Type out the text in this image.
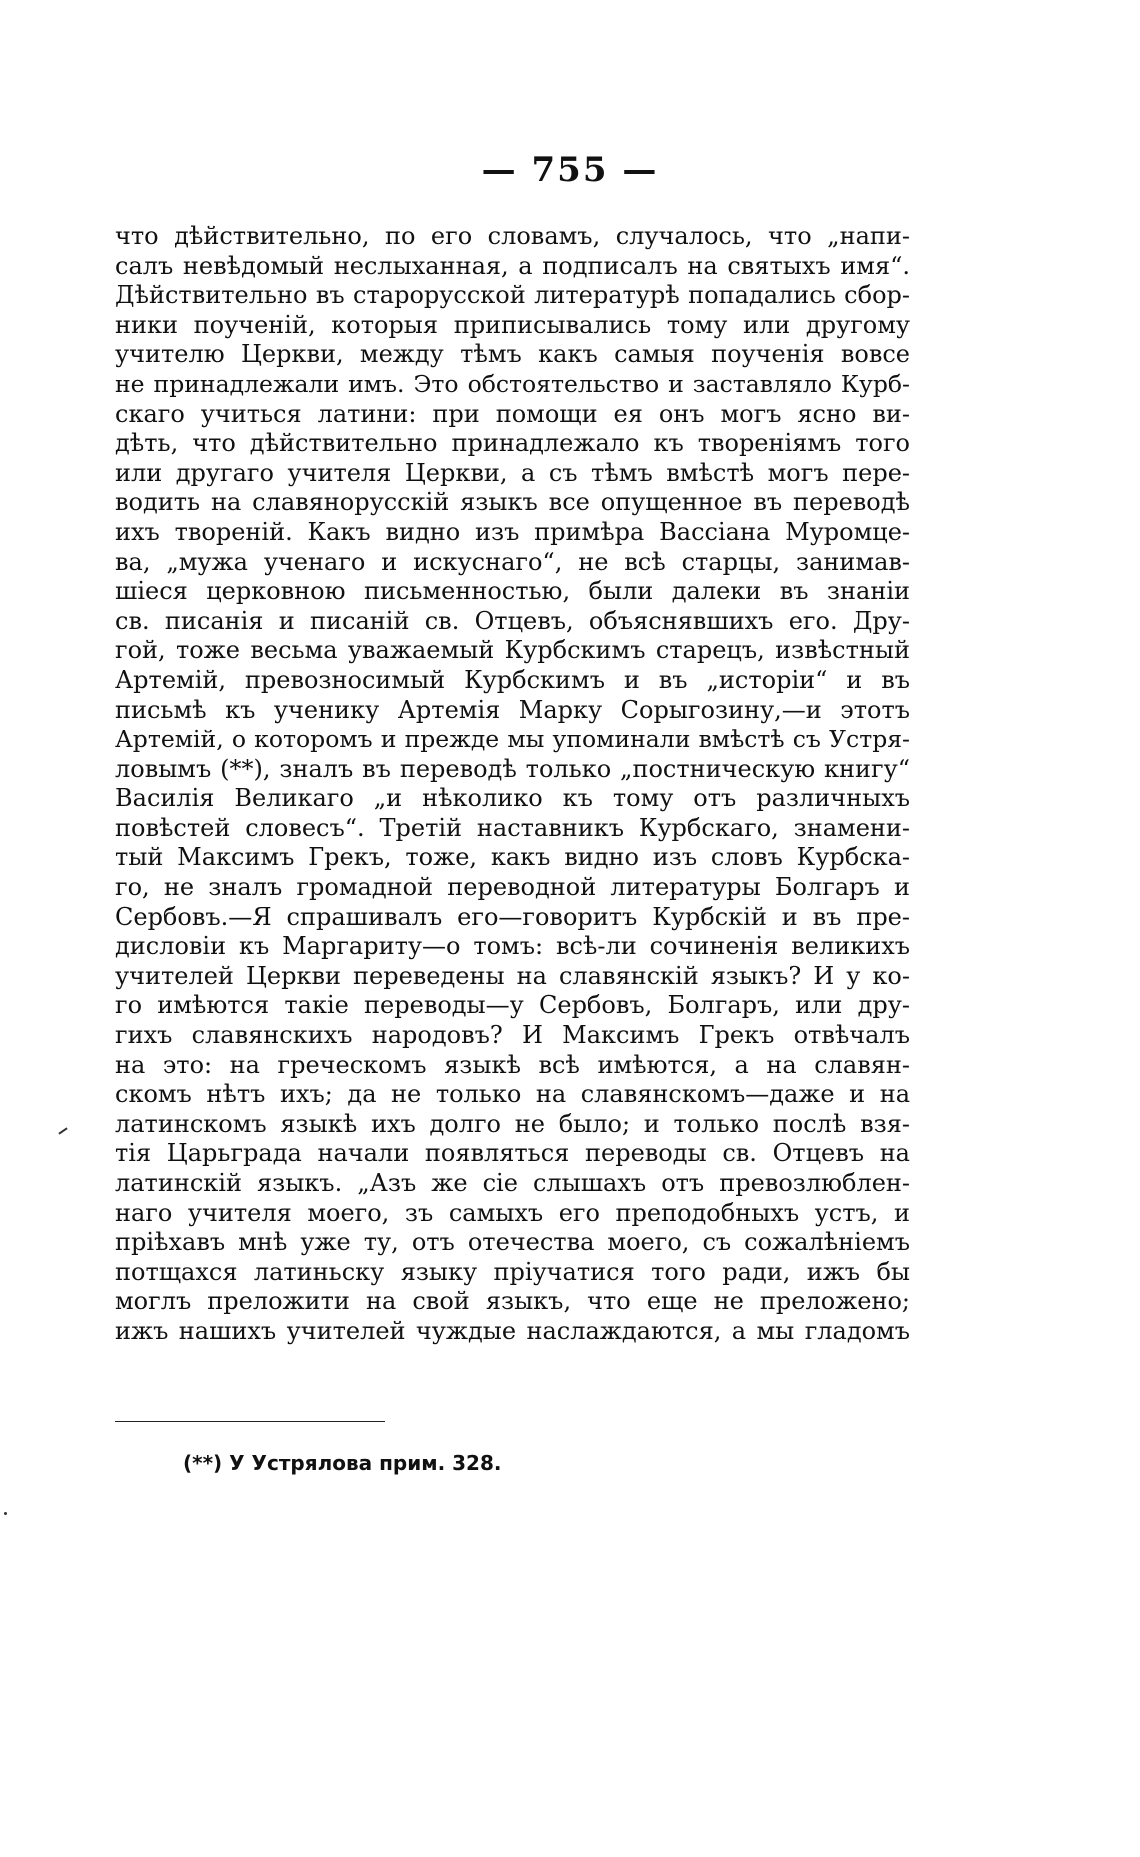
— 755 —
что дѣйствительно, по его словамъ, случалось, что „напи-
салъ невѣдомый неслыханная, а подписалъ на святыхъ имя“.
Дѣйствительно въ старорусской литературѣ попадались сбор-
ники поученій, которыя приписывались тому или другому
учителю Церкви, между тѣмъ какъ самыя поученія вовсе
не принадлежали имъ. Это обстоятельство и заставляло Курб-
скаго учиться латини: при помощи ея онъ могъ ясно ви-
дѣть, что дѣйствительно принадлежало къ твореніямъ того
или другаго учителя Церкви, а съ тѣмъ вмѣстѣ могъ пере-
водить на славянорусскій языкъ все опущенное въ переводѣ
ихъ твореній. Какъ видно изъ примѣра Вассіана Муромце-
ва, „мужа ученаго и искуснаго“, не всѣ старцы, занимав-
шіеся церковною письменностью, были далеки въ знаніи
св. писанія и писаній св. Отцевъ, объяснявшихъ его. Дру-
гой, тоже весьма уважаемый Курбскимъ старецъ, извѣстный
Артемій, превозносимый Курбскимъ и въ „исторіи“ и въ
письмѣ къ ученику Артемія Марку Сорыгозину,—и этотъ
Артемій, о которомъ и прежде мы упоминали вмѣстѣ съ Устря-
ловымъ (**), зналъ въ переводѣ только „постническую книгу“
Василія Великаго „и нѣколико къ тому отъ различныхъ
повѣстей словесъ“. Третій наставникъ Курбскаго, знамени-
тый Максимъ Грекъ, тоже, какъ видно изъ словъ Курбска-
го, не зналъ громадной переводной литературы Болгаръ и
Сербовъ.—Я спрашивалъ его—говоритъ Курбскій и въ пре-
дисловіи къ Маргариту—о томъ: всѣ-ли сочиненія великихъ
учителей Церкви переведены на славянскій языкъ? И у ко-
го имѣются такіе переводы—у Сербовъ, Болгаръ, или дру-
гихъ славянскихъ народовъ? И Максимъ Грекъ отвѣчалъ
на это: на греческомъ языкѣ всѣ имѣются, а на славян-
скомъ нѣтъ ихъ; да не только на славянскомъ—даже и на
латинскомъ языкѣ ихъ долго не было; и только послѣ взя-
тія Царьграда начали появляться переводы св. Отцевъ на
латинскій языкъ. „Азъ же сіе слышахъ отъ превозлюблен-
наго учителя моего, зъ самыхъ его преподобныхъ устъ, и
пріѣхавъ мнѣ уже ту, отъ отечества моего, съ сожалѣніемъ
потщахся латиньску языку пріучатися того ради, ижъ бы
моглъ преложити на свой языкъ, что еще не преложено;
ижъ нашихъ учителей чуждые наслаждаются, а мы гладомъ
(**) У Устрялова прим. 328.
